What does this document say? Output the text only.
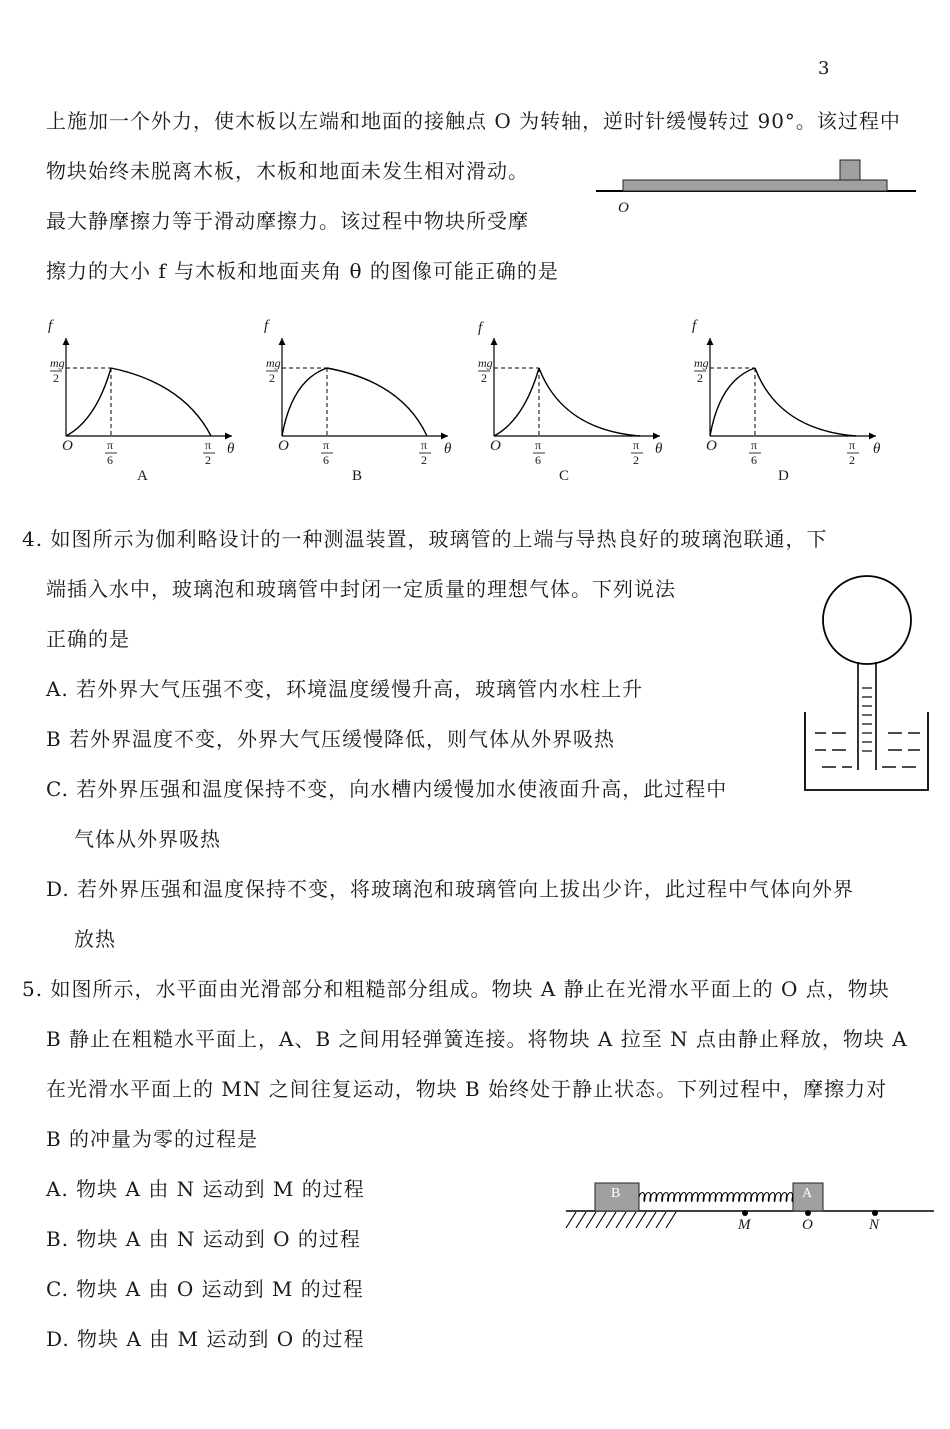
3
上施加一个外力，使木板以左端和地面的接触点 O 为转轴，逆时针缓慢转过 90°。该过程中
物块始终未脱离木板，木板和地面未发生相对滑动。
最大静摩擦力等于滑动摩擦力。该过程中物块所受摩
擦力的大小 f 与木板和地面夹角 θ 的图像可能正确的是
O
f
mg
2
O	π
6
π
2
θ
A
f
mg
2
O	π
6
π
2
θ
B
f
mg
2
O	π
6
π
2
θ
C
f
mg
2
O	π
6
π
2
θ
D
4. 如图所示为伽利略设计的一种测温装置，玻璃管的上端与导热良好的玻璃泡联通，下
端插入水中，玻璃泡和玻璃管中封闭一定质量的理想气体。下列说法
正确的是
A. 若外界大气压强不变，环境温度缓慢升高，玻璃管内水柱上升
B 若外界温度不变，外界大气压缓慢降低，则气体从外界吸热
C. 若外界压强和温度保持不变，向水槽内缓慢加水使液面升高，此过程中
气体从外界吸热
D. 若外界压强和温度保持不变，将玻璃泡和玻璃管向上拔出少许，此过程中气体向外界
放热
5. 如图所示，水平面由光滑部分和粗糙部分组成。物块 A 静止在光滑水平面上的 O 点，物块
B 静止在粗糙水平面上，A、B 之间用轻弹簧连接。将物块 A 拉至 N 点由静止释放，物块 A
在光滑水平面上的 MN 之间往复运动，物块 B 始终处于静止状态。下列过程中，摩擦力对
B 的冲量为零的过程是
A. 物块 A 由 N 运动到 M 的过程
B. 物块 A 由 N 运动到 O 的过程
C. 物块 A 由 O 运动到 M 的过程
D. 物块 A 由 M 运动到 O 的过程
B	A
M	O	N
